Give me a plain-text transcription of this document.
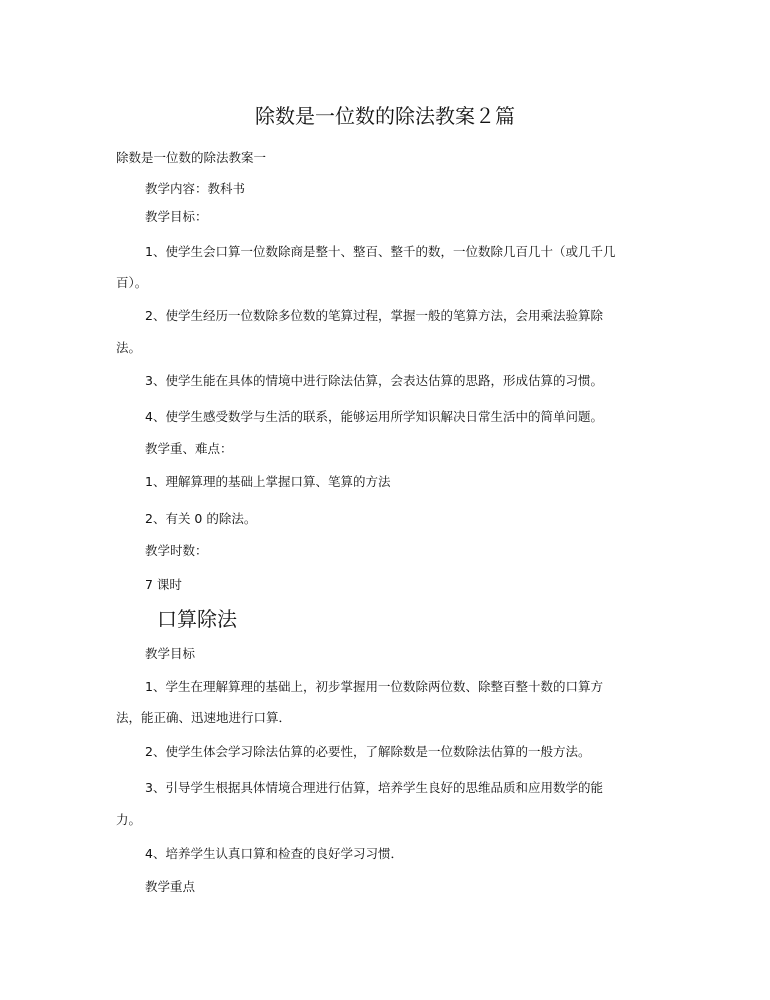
除数是一位数的除法教案２篇
除数是一位数的除法教案一
教学内容：教科书
教学目标：
1、使学生会口算一位数除商是整十、整百、整千的数，一位数除几百几十（或几千几
百）。
2、使学生经历一位数除多位数的笔算过程，掌握一般的笔算方法，会用乘法验算除
法。
3、使学生能在具体的情境中进行除法估算，会表达估算的思路，形成估算的习惯。
4、使学生感受数学与生活的联系，能够运用所学知识解决日常生活中的简单问题。
教学重、难点：
1、理解算理的基础上掌握口算、笔算的方法
2、有关 0 的除法。
教学时数：
7 课时
口算除法
教学目标
1、学生在理解算理的基础上，初步掌握用一位数除两位数、除整百整十数的口算方
法，能正确、迅速地进行口算．
2、使学生体会学习除法估算的必要性，了解除数是一位数除法估算的一般方法。
3、引导学生根据具体情境合理进行估算，培养学生良好的思维品质和应用数学的能
力。
4、培养学生认真口算和检查的良好学习习惯．
教学重点
